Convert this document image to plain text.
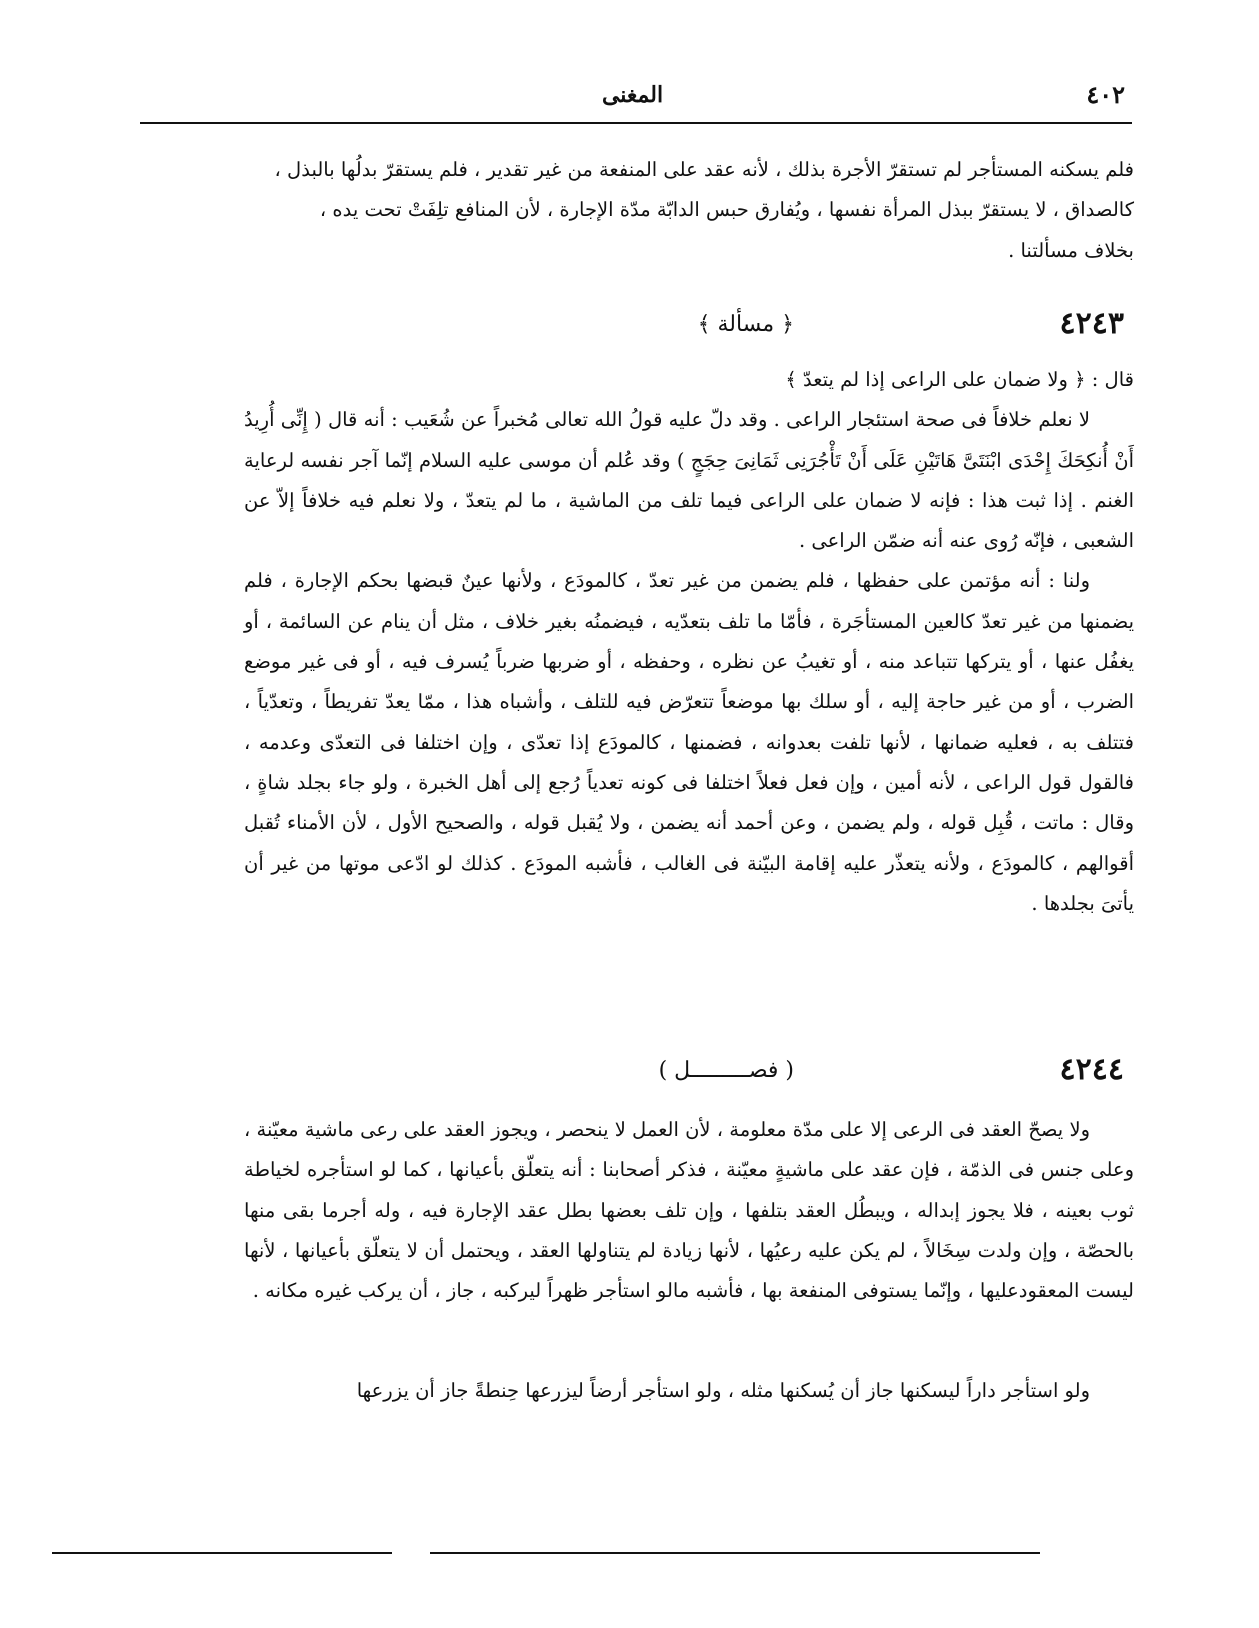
٤٠٢
المغنى

فلم يسكنه المستأجر لم تستقرّ الأجرة بذلك ، لأنه عقد على المنفعة من غير تقدير ، فلم يستقرّ بدلُها بالبذل ،

كالصداق ، لا يستقرّ ببذل المرأة نفسها ، ويُفارق حبس الدابّة مدّة الإجارة ، لأن المنافع تلِفَتْ تحت يده ،

بخلاف مسألتنا .

٤٢٤٣
﴿ مسألة ﴾

قال : ﴿ ولا ضمان على الراعى إذا لم يتعدّ ﴾

لا نعلم خلافاً فى صحة استئجار الراعى . وقد دلّ عليه قولُ الله تعالى مُخبراً عن شُعَيب : أنه قال ( إِنِّى أُرِيدُ أَنْ أُنكِحَكَ إِحْدَى ابْنَتَىَّ هَاتَيْنِ عَلَى أَنْ تَأْجُرَنِى ثَمَانِىَ حِجَجٍ ) وقد عُلم أن موسى عليه السلام إنّما آجر نفسه لرعاية الغنم . إذا ثبت هذا : فإنه لا ضمان على الراعى فيما تلف من الماشية ، ما لم يتعدّ ، ولا نعلم فيه خلافاً إلاّ عن الشعبى ، فإنّه رُوى عنه أنه ضمّن الراعى .

ولنا : أنه مؤتمن على حفظها ، فلم يضمن من غير تعدّ ، كالمودَع ، ولأنها عينٌ قبضها بحكم الإجارة ، فلم يضمنها من غير تعدّ كالعين المستأجَرة ، فأمّا ما تلف بتعدّيه ، فيضمنُه بغير خلاف ، مثل أن ينام عن السائمة ، أو يغفُل عنها ، أو يتركها تتباعد منه ، أو تغيبُ عن نظره ، وحفظه ، أو ضربها ضرباً يُسرف فيه ، أو فى غير موضع الضرب ، أو من غير حاجة إليه ، أو سلك بها موضعاً تتعرّض فيه للتلف ، وأشباه هذا ، ممّا يعدّ تفريطاً ، وتعدّياً ، فتتلف به ، فعليه ضمانها ، لأنها تلفت بعدوانه ، فضمنها ، كالمودَع إذا تعدّى ، وإن اختلفا فى التعدّى وعدمه ، فالقول قول الراعى ، لأنه أمين ، وإن فعل فعلاً اختلفا فى كونه تعدياً رُجع إلى أهل الخبرة ، ولو جاء بجلد شاةٍ ، وقال : ماتت ، قُبِل قوله ، ولم يضمن ، وعن أحمد أنه يضمن ، ولا يُقبل قوله ، والصحيح الأول ، لأن الأمناء تُقبل أقوالهم ، كالمودَع ، ولأنه يتعذّر عليه إقامة البيّنة فى الغالب ، فأشبه المودَع . كذلك لو ادّعى موتها من غير أن يأتىَ بجلدها .

٤٢٤٤
( فصـــــــــل )

ولا يصحّ العقد فى الرعى إلا على مدّة معلومة ، لأن العمل لا ينحصر ، ويجوز العقد على رعى ماشية معيّنة ، وعلى جنس فى الذمّة ، فإن عقد على ماشيةٍ معيّنة ، فذكر أصحابنا : أنه يتعلّق بأعيانها ، كما لو استأجره لخياطة ثوب بعينه ، فلا يجوز إبداله ، ويبطُل العقد بتلفها ، وإن تلف بعضها بطل عقد الإجارة فيه ، وله أجرما بقى منها بالحصّة ، وإن ولدت سِخَالاً ، لم يكن عليه رعيُها ، لأنها زيادة لم يتناولها العقد ، ويحتمل أن لا يتعلّق بأعيانها ، لأنها ليست المعقودعليها ، وإنّما يستوفى المنفعة بها ، فأشبه مالو استأجر ظهراً ليركبه ، جاز ، أن يركب غيره مكانه .

ولو استأجر داراً ليسكنها جاز أن يُسكنها مثله ، ولو استأجر أرضاً ليزرعها حِنطةً جاز أن يزرعها
